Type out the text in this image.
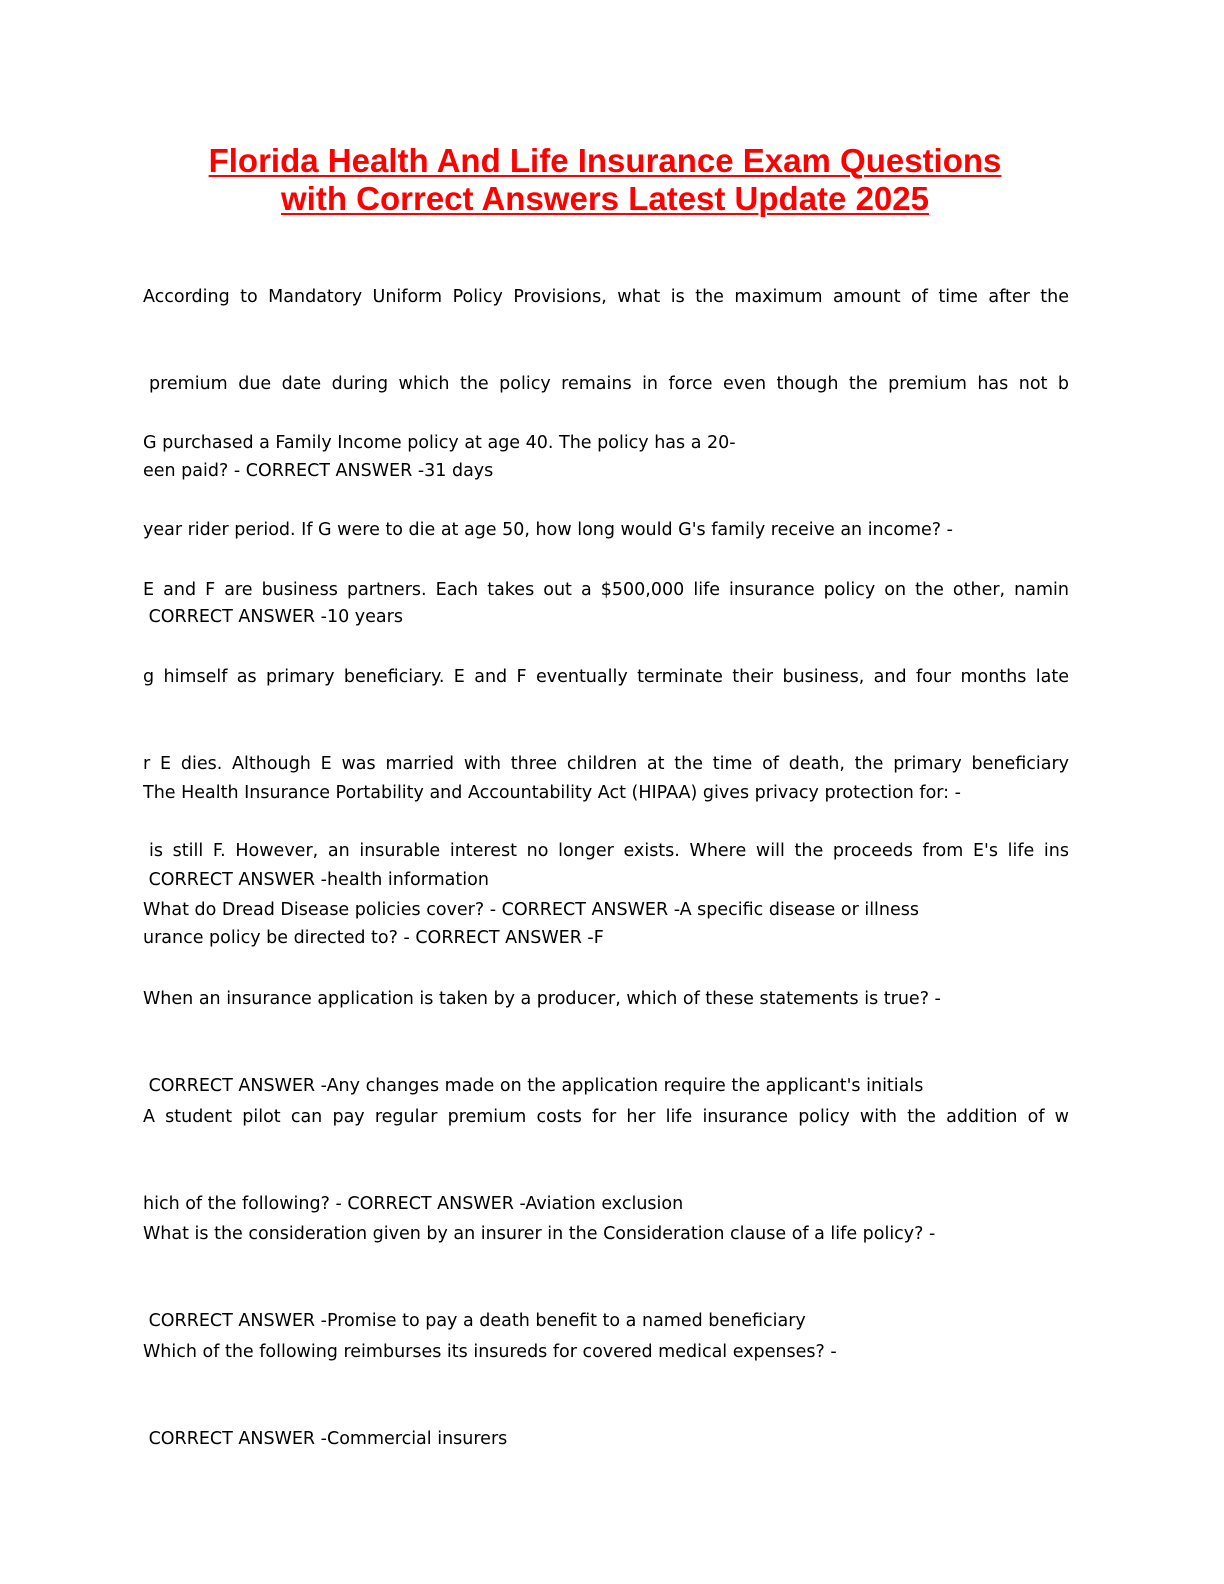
Florida Health And Life Insurance Exam Questions
with Correct Answers Latest Update 2025

According to Mandatory Uniform Policy Provisions, what is the maximum amount of time after the

premium due date during which the policy remains in force even though the premium has not b

een paid? - CORRECT ANSWER -31 days

G purchased a Family Income policy at age 40. The policy has a 20-

year rider period. If G were to die at age 50, how long would G's family receive an income? -

CORRECT ANSWER -10 years

E and F are business partners. Each takes out a $500,000 life insurance policy on the other, namin

g himself as primary beneficiary. E and F eventually terminate their business, and four months late

r E dies. Although E was married with three children at the time of death, the primary beneficiary

is still F. However, an insurable interest no longer exists. Where will the proceeds from E's life ins

urance policy be directed to? - CORRECT ANSWER -F

The Health Insurance Portability and Accountability Act (HIPAA) gives privacy protection for: -

CORRECT ANSWER -health information

What do Dread Disease policies cover? - CORRECT ANSWER -A specific disease or illness

When an insurance application is taken by a producer, which of these statements is true? -

CORRECT ANSWER -Any changes made on the application require the applicant's initials

A student pilot can pay regular premium costs for her life insurance policy with the addition of w

hich of the following? - CORRECT ANSWER -Aviation exclusion

What is the consideration given by an insurer in the Consideration clause of a life policy? -

CORRECT ANSWER -Promise to pay a death benefit to a named beneficiary

Which of the following reimburses its insureds for covered medical expenses? -

CORRECT ANSWER -Commercial insurers
